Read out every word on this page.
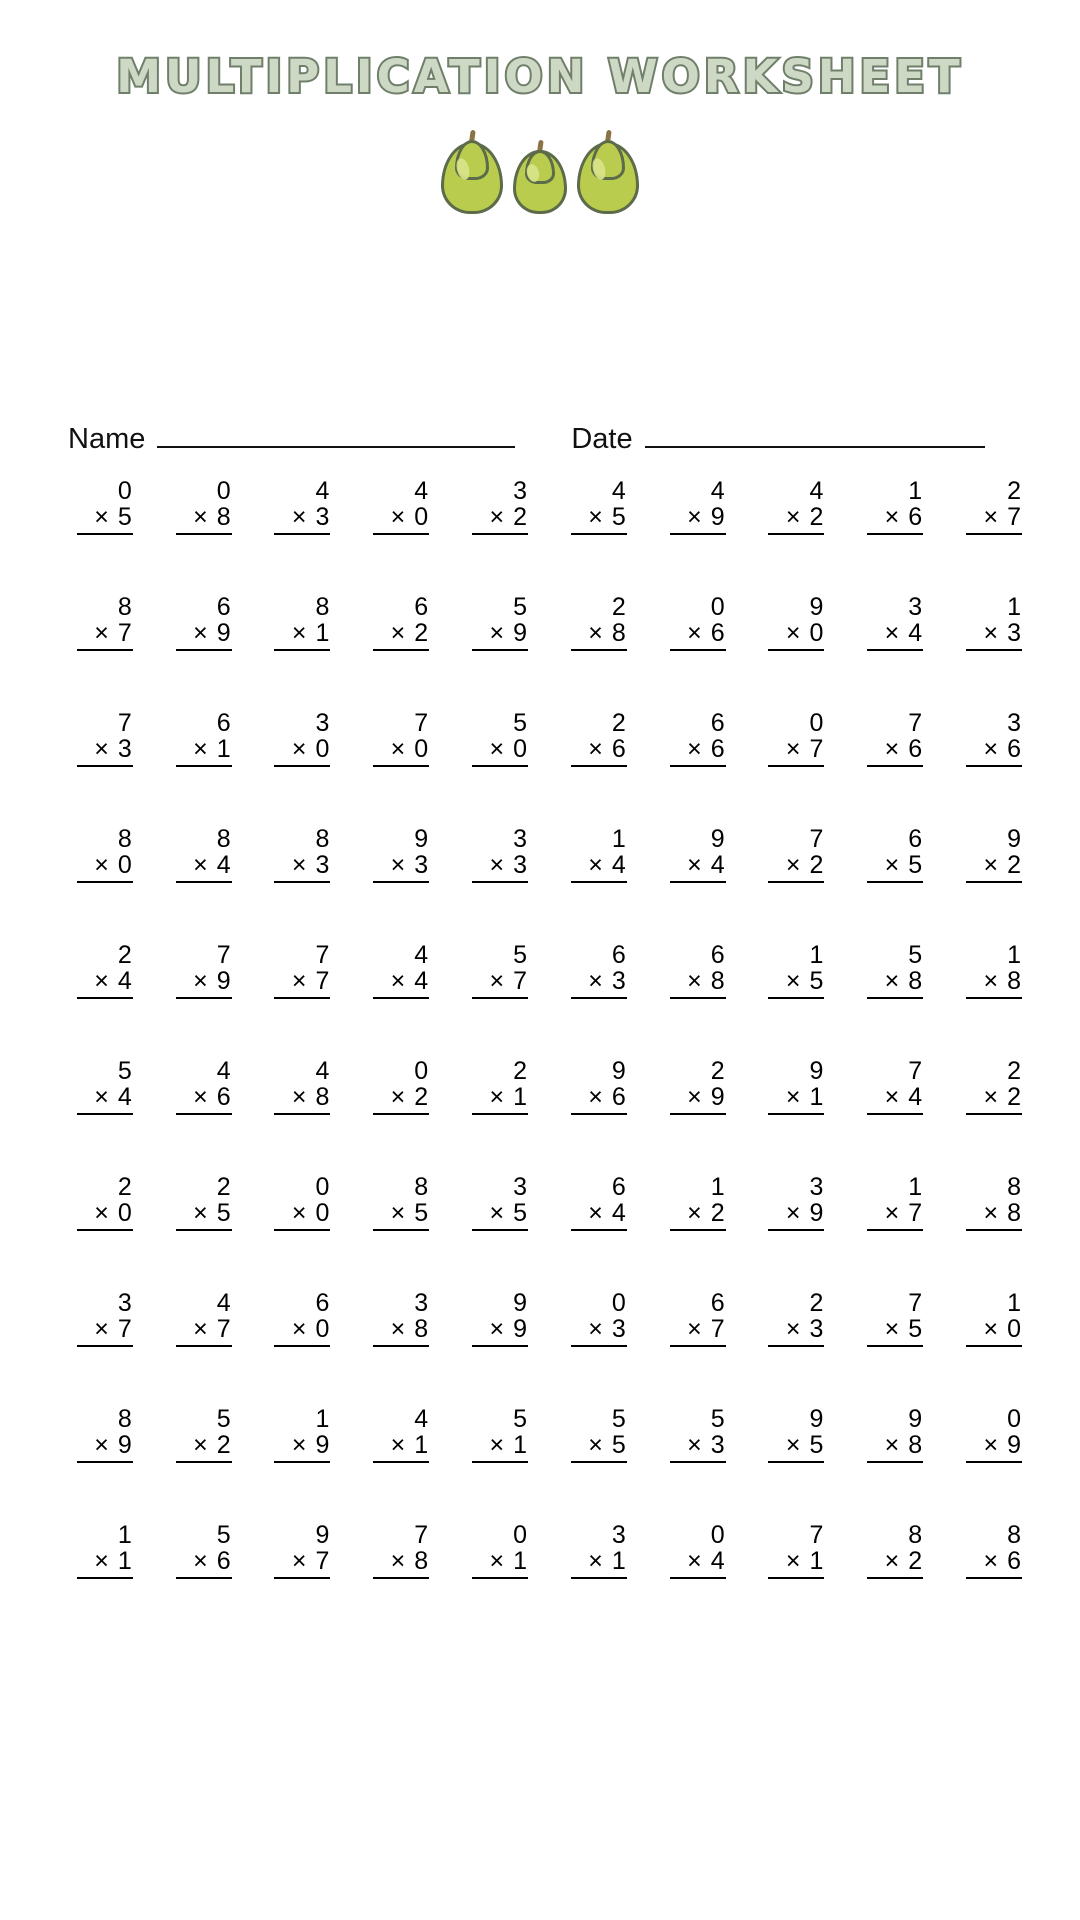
MULTIPLICATION WORKSHEET
Name	Date
0
× 5
0
× 8
4
× 3
4
× 0
3
× 2
4
× 5
4
× 9
4
× 2
1
× 6
2
× 7
8
× 7
6
× 9
8
× 1
6
× 2
5
× 9
2
× 8
0
× 6
9
× 0
3
× 4
1
× 3
7
× 3
6
× 1
3
× 0
7
× 0
5
× 0
2
× 6
6
× 6
0
× 7
7
× 6
3
× 6
8
× 0
8
× 4
8
× 3
9
× 3
3
× 3
1
× 4
9
× 4
7
× 2
6
× 5
9
× 2
2
× 4
7
× 9
7
× 7
4
× 4
5
× 7
6
× 3
6
× 8
1
× 5
5
× 8
1
× 8
5
× 4
4
× 6
4
× 8
0
× 2
2
× 1
9
× 6
2
× 9
9
× 1
7
× 4
2
× 2
2
× 0
2
× 5
0
× 0
8
× 5
3
× 5
6
× 4
1
× 2
3
× 9
1
× 7
8
× 8
3
× 7
4
× 7
6
× 0
3
× 8
9
× 9
0
× 3
6
× 7
2
× 3
7
× 5
1
× 0
8
× 9
5
× 2
1
× 9
4
× 1
5
× 1
5
× 5
5
× 3
9
× 5
9
× 8
0
× 9
1
× 1
5
× 6
9
× 7
7
× 8
0
× 1
3
× 1
0
× 4
7
× 1
8
× 2
8
× 6
